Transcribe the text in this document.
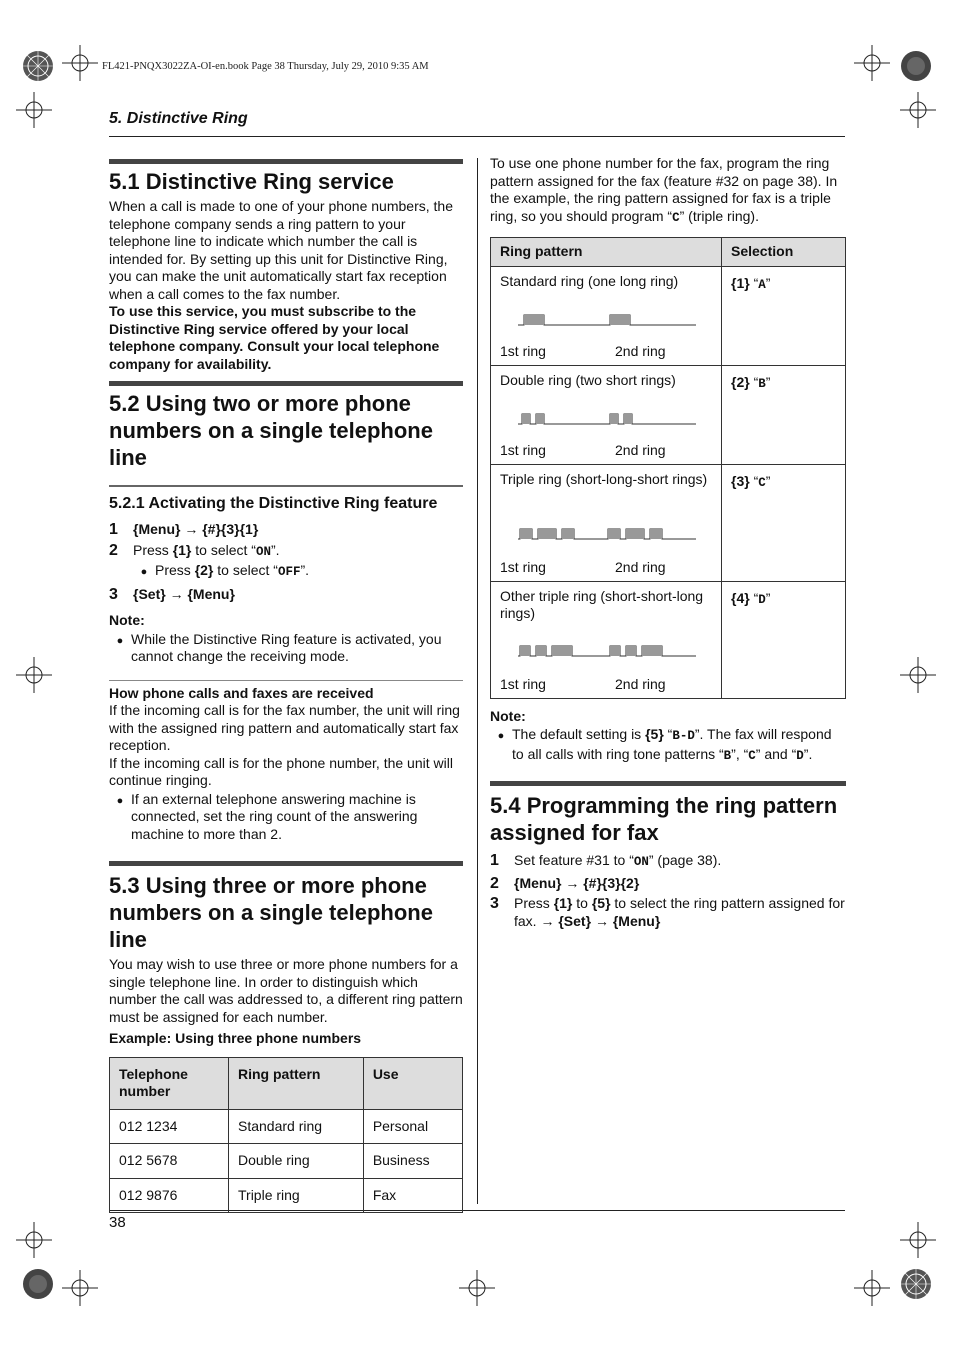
FL421-PNQX3022ZA-OI-en.book Page 38 Thursday, July 29, 2010 9:35 AM
5. Distinctive Ring
38
5.1 Distinctive Ring service

When a call is made to one of your phone numbers, the telephone company sends a ring pattern to your telephone line to indicate which number the call is intended for. By setting up this unit for Distinctive Ring, you can make the unit automatically start fax reception when a call comes to the fax number.

To use this service, you must subscribe to the Distinctive Ring service offered by your local telephone company. Consult your local telephone company for availability.

5.2 Using two or more phone numbers on a single telephone line
5.2.1 Activating the Distinctive Ring feature
1	{Menu} → {#}{3}{1}
2	Press {1} to select “ON”.
● Press {2} to select “OFF”.
3	{Set} → {Menu}

Note:

● While the Distinctive Ring feature is activated, you cannot change the receiving mode.

How phone calls and faxes are received

If the incoming call is for the fax number, the unit will ring with the assigned ring pattern and automatically start fax reception.

If the incoming call is for the phone number, the unit will continue ringing.

● If an external telephone answering machine is connected, set the ring count of the answering machine to more than 2.
5.3 Using three or more phone numbers on a single telephone line

You may wish to use three or more phone numbers for a single telephone line. In order to distinguish which number the call was addressed to, a different ring pattern must be assigned for each number.

Example: Using three phone numbers

Telephone number	Ring pattern	Use
012 1234	Standard ring	Personal
012 5678	Double ring	Business
012 9876	Triple ring	Fax

To use one phone number for the fax, program the ring pattern assigned for the fax (feature #32 on page 38). In the example, the ring pattern assigned for fax is a triple ring, so you should program “C” (triple ring).

Ring pattern	Selection

Standard ring (one long ring)
1st ring 2nd ring	{1} “A”

Double ring (two short rings)
1st ring 2nd ring	{2} “B”

Triple ring (short-long-short rings)
1st ring 2nd ring	{3} “C”

Other triple ring (short-short-long rings)
1st ring 2nd ring	{4} “D”

Note:

● The default setting is {5} “B-D”. The fax will respond to all calls with ring tone patterns “B”, “C” and “D”.
5.4 Programming the ring pattern assigned for fax
1	Set feature #31 to “ON” (page 38).
2	{Menu} → {#}{3}{2}
3	Press {1} to {5} to select the ring pattern assigned for fax. → {Set} → {Menu}
